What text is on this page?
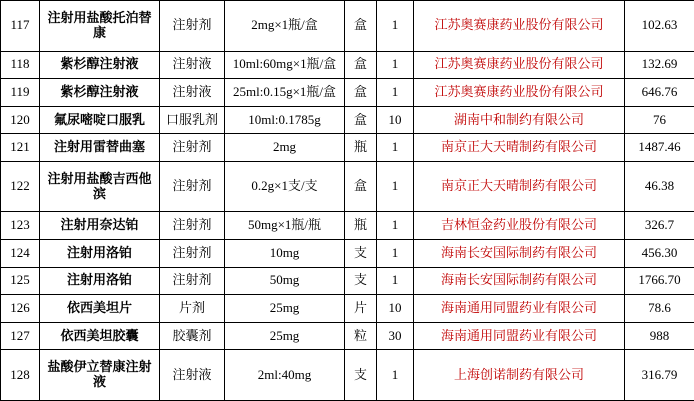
117	注射用盐酸托泊替康	注射剂	2mg×1瓶/盒	盒	1	江苏奥赛康药业股份有限公司	102.63
118	紫杉醇注射液	注射液	10ml:60mg×1瓶/盒	盒	1	江苏奥赛康药业股份有限公司	132.69
119	紫杉醇注射液	注射液	25ml:0.15g×1瓶/盒	盒	1	江苏奥赛康药业股份有限公司	646.76
120	氟尿嘧啶口服乳	口服乳剂	10ml:0.1785g	盒	10	湖南中和制约有限公司	76
121	注射用雷替曲塞	注射剂	2mg	瓶	1	南京正大天晴制药有限公司	1487.46
122	注射用盐酸吉西他滨	注射剂	0.2g×1支/支	盒	1	南京正大天晴制药有限公司	46.38
123	注射用奈达铂	注射剂	50mg×1瓶/瓶	瓶	1	吉林恒金药业股份有限公司	326.7
124	注射用洛铂	注射剂	10mg	支	1	海南长安国际制药有限公司	456.30
125	注射用洛铂	注射剂	50mg	支	1	海南长安国际制药有限公司	1766.70
126	依西美坦片	片剂	25mg	片	10	海南通用同盟药业有限公司	78.6
127	依西美坦胶囊	胶囊剂	25mg	粒	30	海南通用同盟药业有限公司	988
128	盐酸伊立替康注射液	注射液	2ml:40mg	支	1	上海创诺制药有限公司	316.79
